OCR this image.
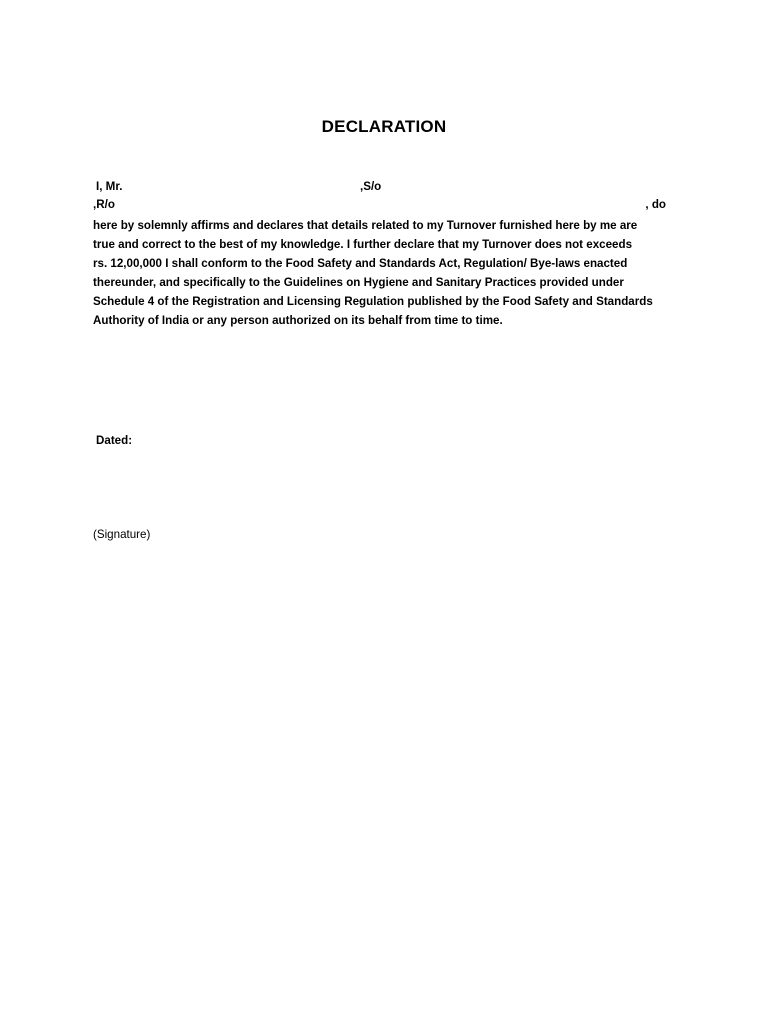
DECLARATION
I, Mr.	,S/o
,R/o	, do
here by solemnly affirms and declares that details related to my Turnover furnished here by me are
true and correct to the best of my knowledge. I further declare that my Turnover does not exceeds
rs. 12,00,000 I shall conform to the Food Safety and Standards Act, Regulation/ Bye-laws enacted
thereunder, and specifically to the Guidelines on Hygiene and Sanitary Practices provided under
Schedule 4 of the Registration and Licensing Regulation published by the Food Safety and Standards
Authority of India or any person authorized on its behalf from time to time.
Dated:
(Signature)
